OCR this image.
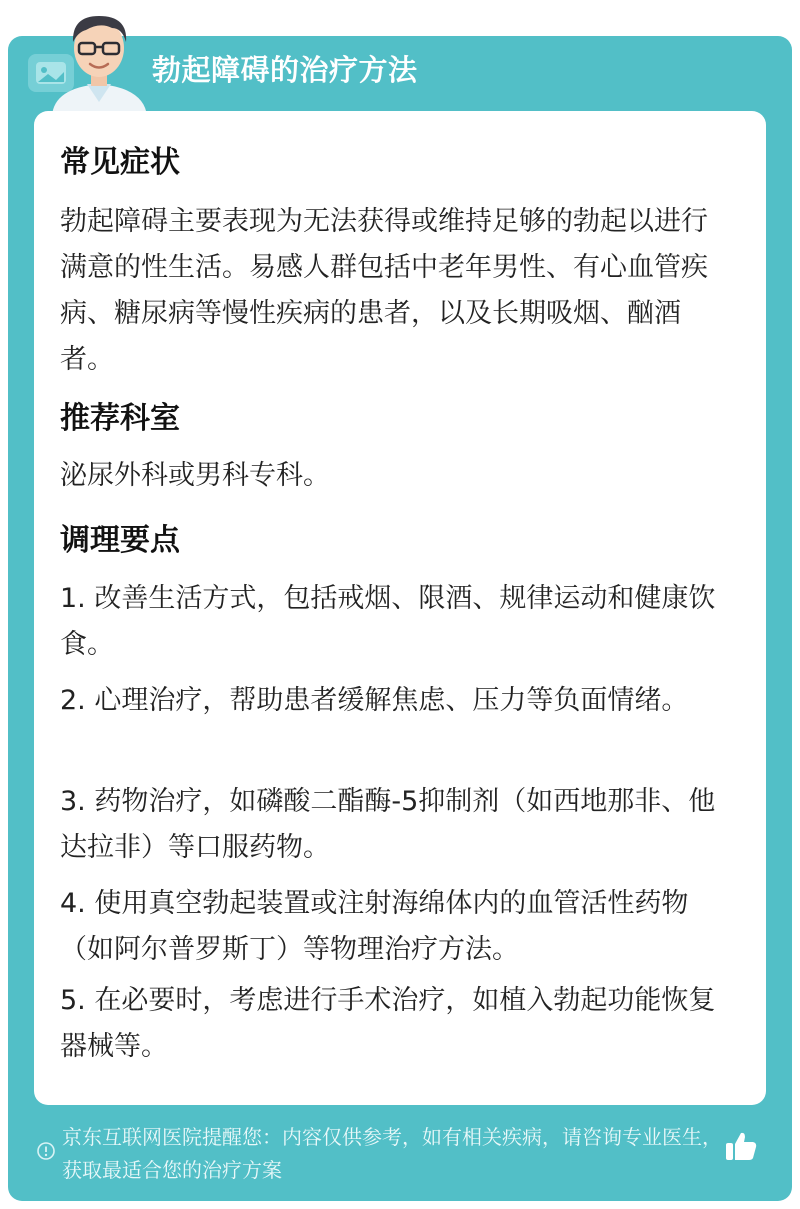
勃起障碍的治疗方法
常见症状

勃起障碍主要表现为无法获得或维持足够的勃起以进行满意的性生活。易感人群包括中老年男性、有心血管疾病、糖尿病等慢性疾病的患者，以及长期吸烟、酗酒者。

推荐科室

泌尿外科或男科专科。

调理要点

1. 改善生活方式，包括戒烟、限酒、规律运动和健康饮食。

2. 心理治疗，帮助患者缓解焦虑、压力等负面情绪。

3. 药物治疗，如磷酸二酯酶-5抑制剂（如西地那非、他达拉非）等口服药物。

4. 使用真空勃起装置或注射海绵体内的血管活性药物（如阿尔普罗斯丁）等物理治疗方法。

5. 在必要时，考虑进行手术治疗，如植入勃起功能恢复器械等。

京东互联网医院提醒您：内容仅供参考，如有相关疾病，请咨询专业医生，获取最适合您的治疗方案
